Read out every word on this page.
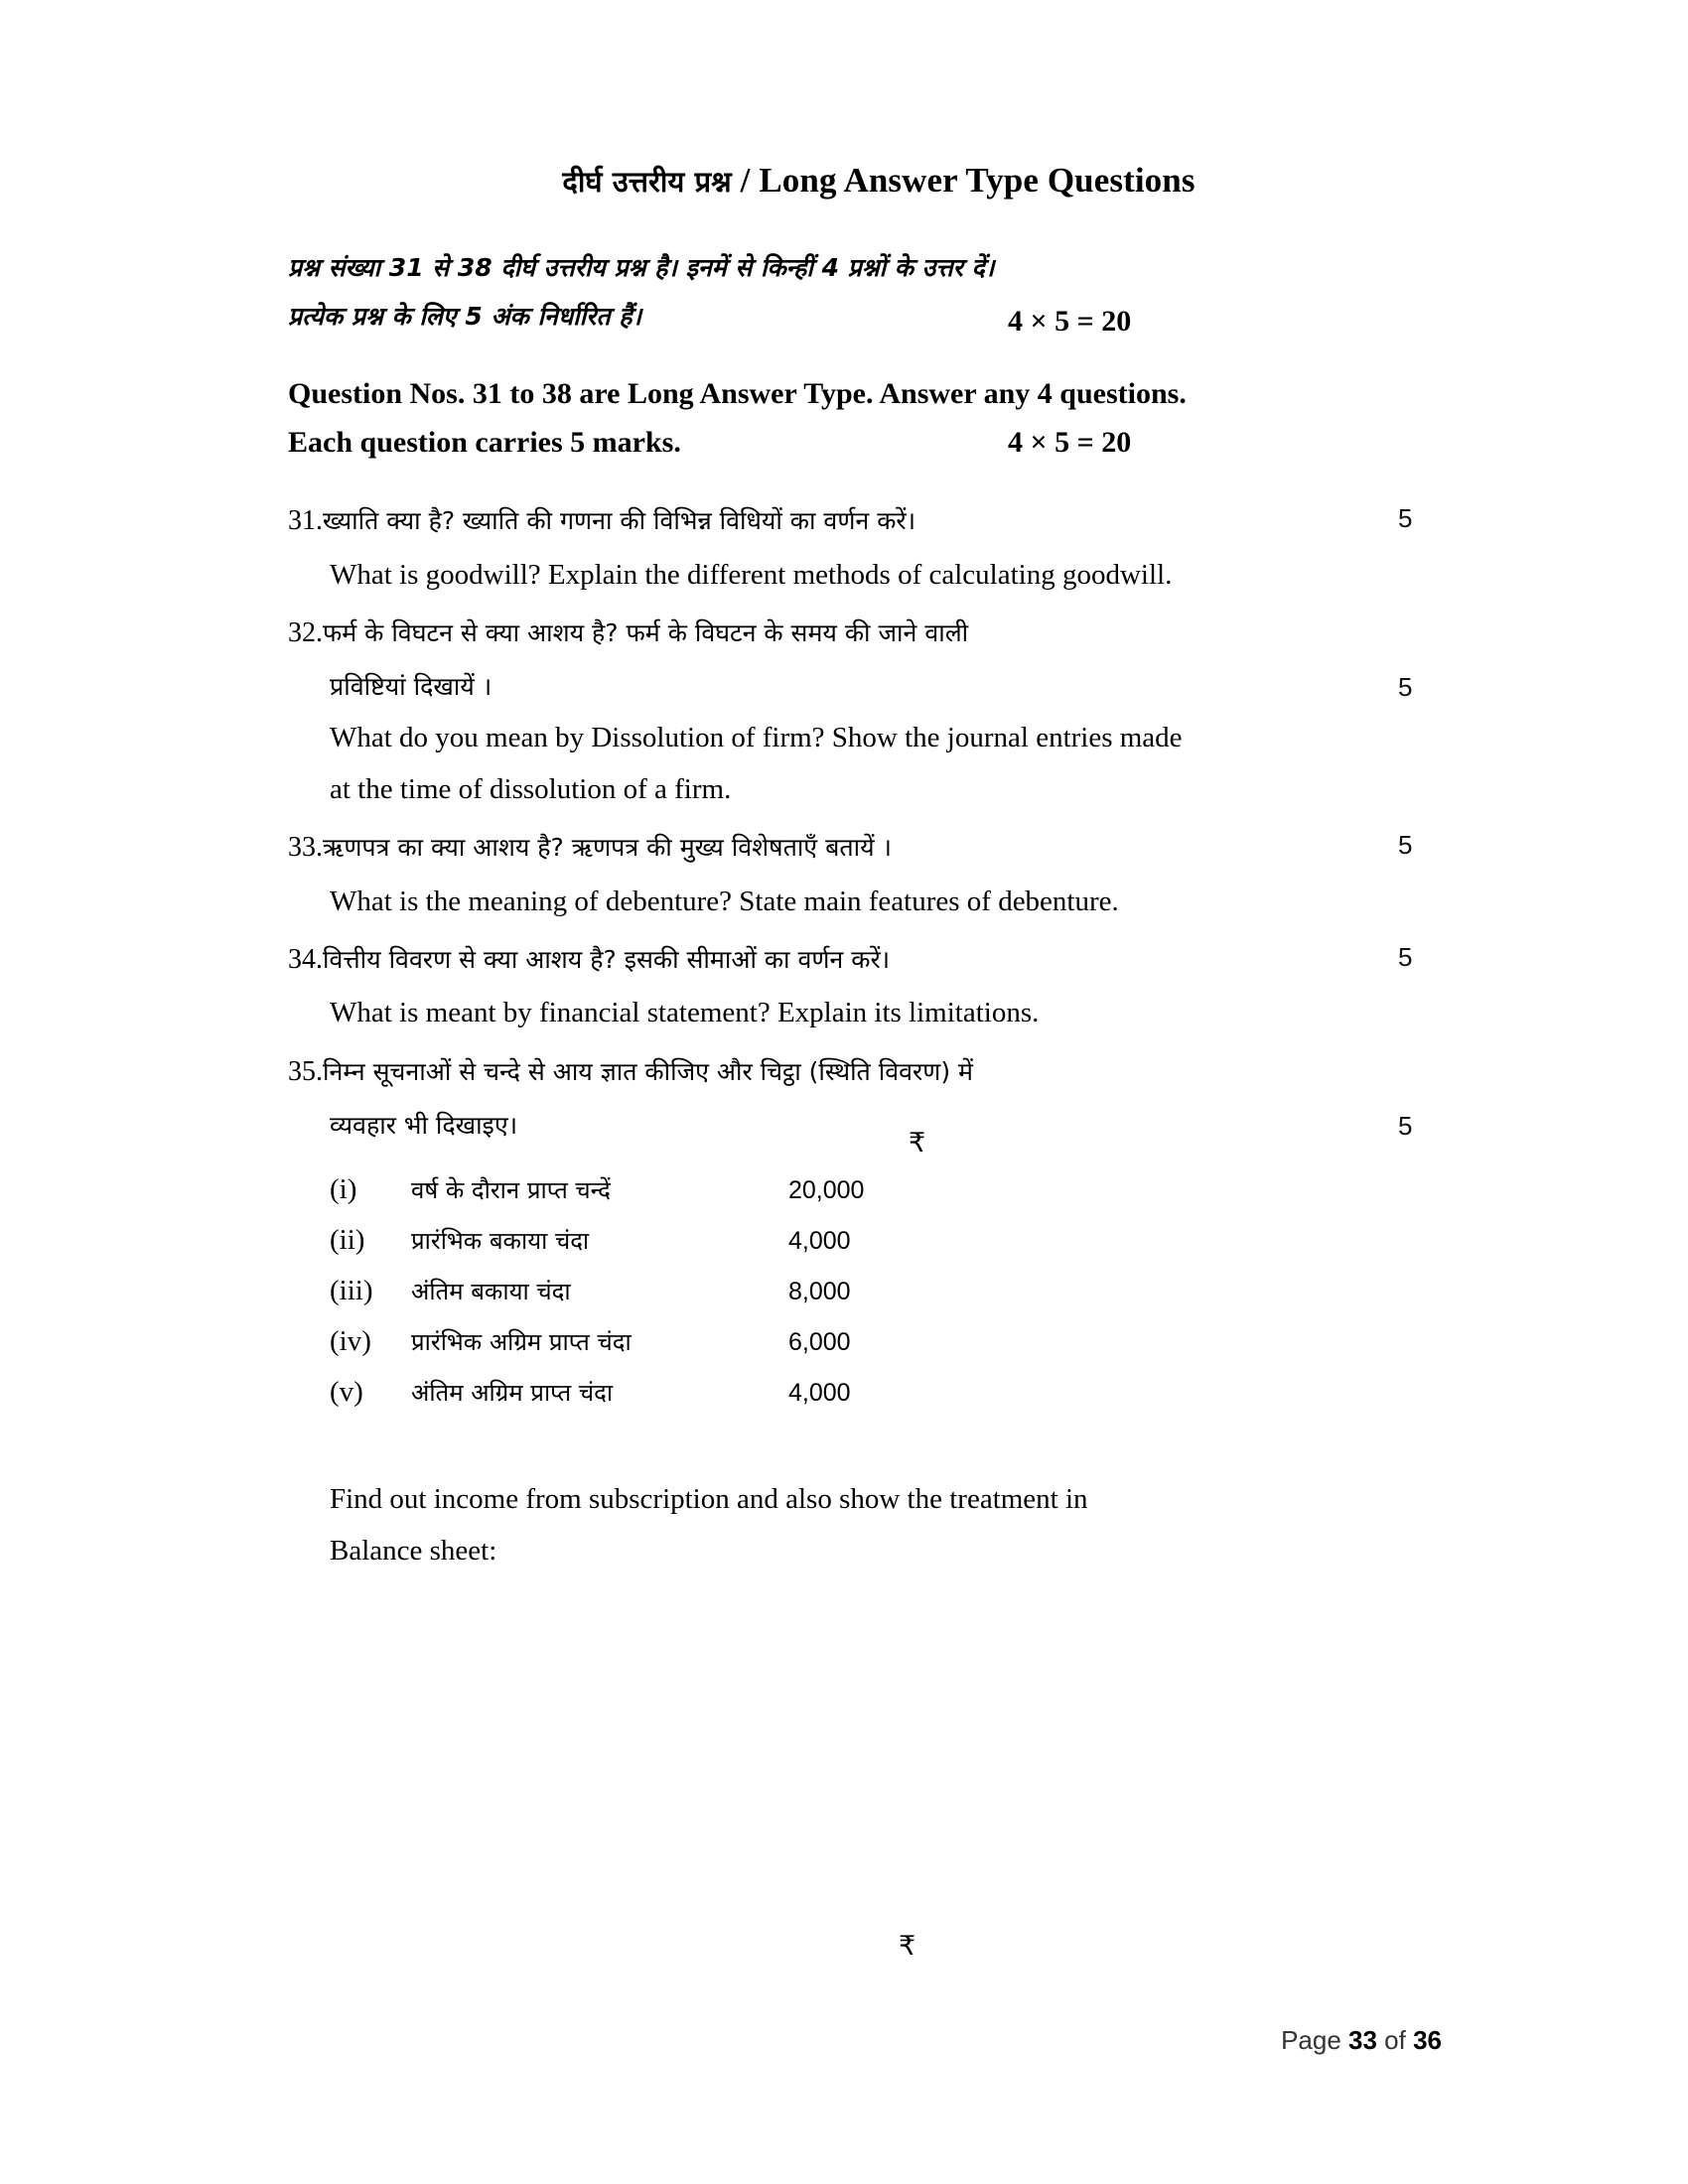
दीर्घ उत्तरीय प्रश्न / Long Answer Type Questions
प्रश्न संख्या 31 से 38 दीर्घ उत्तरीय प्रश्न है। इनमें से किन्हीं 4 प्रश्नों के उत्तर दें।
प्रत्येक प्रश्न के लिए 5 अंक निर्धारित हैं।	4 × 5 = 20
Question Nos. 31 to 38 are Long Answer Type. Answer any 4 questions.
Each question carries 5 marks.	4 × 5 = 20
31.ख्याति क्या है? ख्याति की गणना की विभिन्न विधियों का वर्णन करें।	5
What is goodwill? Explain the different methods of calculating goodwill.
32.फर्म के विघटन से क्या आशय है? फर्म के विघटन के समय की जाने वाली
प्रविष्टियां दिखायें ।	5
What do you mean by Dissolution of firm? Show the journal entries made
at the time of dissolution of a firm.
33.ऋणपत्र का क्या आशय है? ऋणपत्र की मुख्य विशेषताएँ बतायें ।	5
What is the meaning of debenture? State main features of debenture.
34.वित्तीय विवरण से क्या आशय है? इसकी सीमाओं का वर्णन करें।	5
What is meant by financial statement? Explain its limitations.
35.निम्न सूचनाओं से चन्दे से आय ज्ञात कीजिए और चिट्ठा (स्थिति विवरण) में
व्यवहार भी दिखाइए।	5
₹
(i)	वर्ष के दौरान प्राप्त चन्दें	20,000
(ii)	प्रारंभिक बकाया चंदा	4,000
(iii)	अंतिम बकाया चंदा	8,000
(iv)	प्रारंभिक अग्रिम प्राप्त चंदा	6,000
(v)	अंतिम अग्रिम प्राप्त चंदा	4,000
Find out income from subscription and also show the treatment in
Balance sheet:
₹
Page 33 of 36
